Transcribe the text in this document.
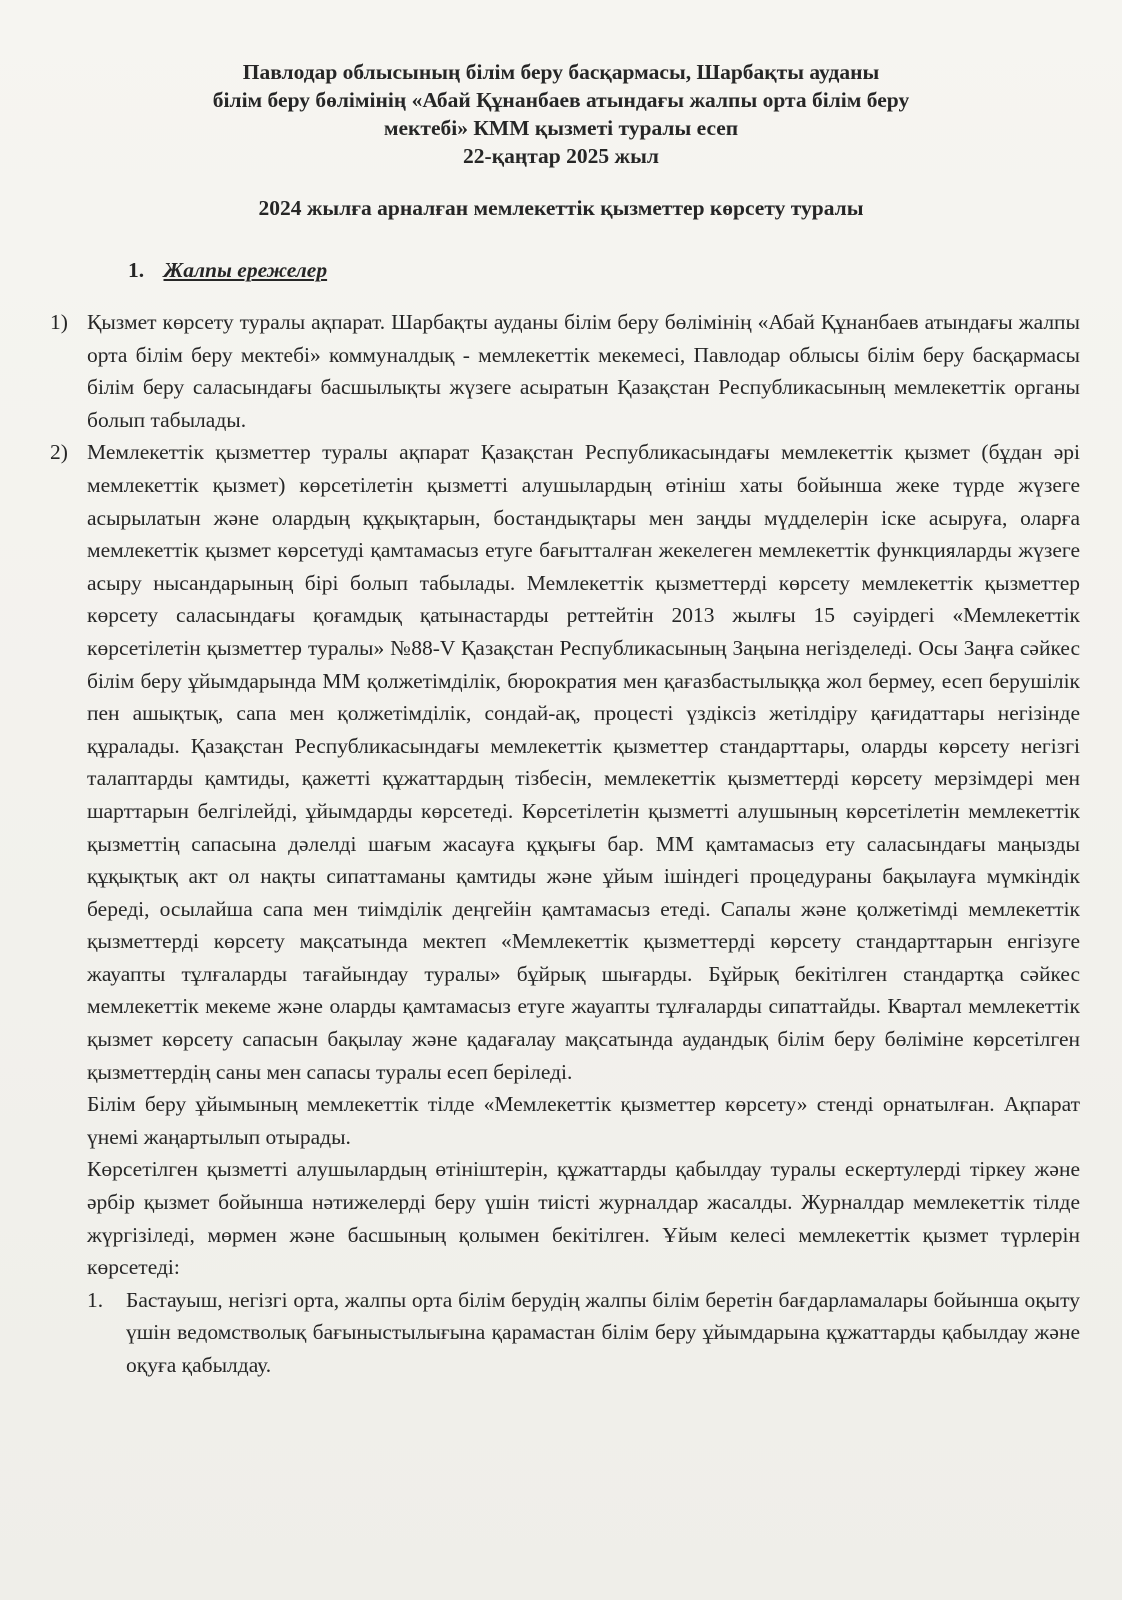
Павлодар облысының білім беру басқармасы, Шарбақты ауданы
білім беру бөлімінің «Абай Құнанбаев атындағы жалпы орта білім беру
мектебі» КММ қызметі туралы есеп
22-қаңтар 2025 жыл
2024 жылға арналған мемлекеттік қызметтер көрсету туралы
1. Жалпы ережелер
1) Қызмет көрсету туралы ақпарат. Шарбақты ауданы білім беру бөлімінің «Абай Құнанбаев атындағы жалпы орта білім беру мектебі» коммуналдық - мемлекеттік мекемесі, Павлодар облысы білім беру басқармасы білім беру саласындағы басшылықты жүзеге асыратын Қазақстан Республикасының мемлекеттік органы болып табылады.
2) Мемлекеттік қызметтер туралы ақпарат Қазақстан Республикасындағы мемлекеттік қызмет (бұдан әрі мемлекеттік қызмет) көрсетілетін қызметті алушылардың өтініш хаты бойынша жеке түрде жүзеге асырылатын және олардың құқықтарын, бостандықтары мен заңды мүдделерін іске асыруға, оларға мемлекеттік қызмет көрсетуді қамтамасыз етуге бағытталған жекелеген мемлекеттік функцияларды жүзеге асыру нысандарының бірі болып табылады. Мемлекеттік қызметтерді көрсету мемлекеттік қызметтер көрсету саласындағы қоғамдық қатынастарды реттейтін 2013 жылғы 15 сәуірдегі «Мемлекеттік көрсетілетін қызметтер туралы» №88-V Қазақстан Республикасының Заңына негізделеді. Осы Заңға сәйкес білім беру ұйымдарында ММ қолжетімділік, бюрократия мен қағазбастылыққа жол бермеу, есеп берушілік пен ашықтық, сапа мен қолжетімділік, сондай-ақ, процесті үздіксіз жетілдіру қағидаттары негізінде құралады. Қазақстан Республикасындағы мемлекеттік қызметтер стандарттары, оларды көрсету негізгі талаптарды қамтиды, қажетті құжаттардың тізбесін, мемлекеттік қызметтерді көрсету мерзімдері мен шарттарын белгілейді, ұйымдарды көрсетеді. Көрсетілетін қызметті алушының көрсетілетін мемлекеттік қызметтің сапасына дәлелді шағым жасауға құқығы бар. ММ қамтамасыз ету саласындағы маңызды құқықтық акт ол нақты сипаттаманы қамтиды және ұйым ішіндегі процедураны бақылауға мүмкіндік береді, осылайша сапа мен тиімділік деңгейін қамтамасыз етеді. Сапалы және қолжетімді мемлекеттік қызметтерді көрсету мақсатында мектеп «Мемлекеттік қызметтерді көрсету стандарттарын енгізуге жауапты тұлғаларды тағайындау туралы» бұйрық шығарды. Бұйрық бекітілген стандартқа сәйкес мемлекеттік мекеме және оларды қамтамасыз етуге жауапты тұлғаларды сипаттайды. Квартал мемлекеттік қызмет көрсету сапасын бақылау және қадағалау мақсатында аудандық білім беру бөліміне көрсетілген қызметтердің саны мен сапасы туралы есеп беріледі.

Білім беру ұйымының мемлекеттік тілде «Мемлекеттік қызметтер көрсету» стенді орнатылған. Ақпарат үнемі жаңартылып отырады.

Көрсетілген қызметті алушылардың өтініштерін, құжаттарды қабылдау туралы ескертулерді тіркеу және әрбір қызмет бойынша нәтижелерді беру үшін тиісті журналдар жасалды. Журналдар мемлекеттік тілде жүргізіледі, мөрмен және басшының қолымен бекітілген. Ұйым келесі мемлекеттік қызмет түрлерін көрсетеді:

1. Бастауыш, негізгі орта, жалпы орта білім берудің жалпы білім беретін бағдарламалары бойынша оқыту үшін ведомстволық бағыныстылығына қарамастан білім беру ұйымдарына құжаттарды қабылдау және оқуға қабылдау.
